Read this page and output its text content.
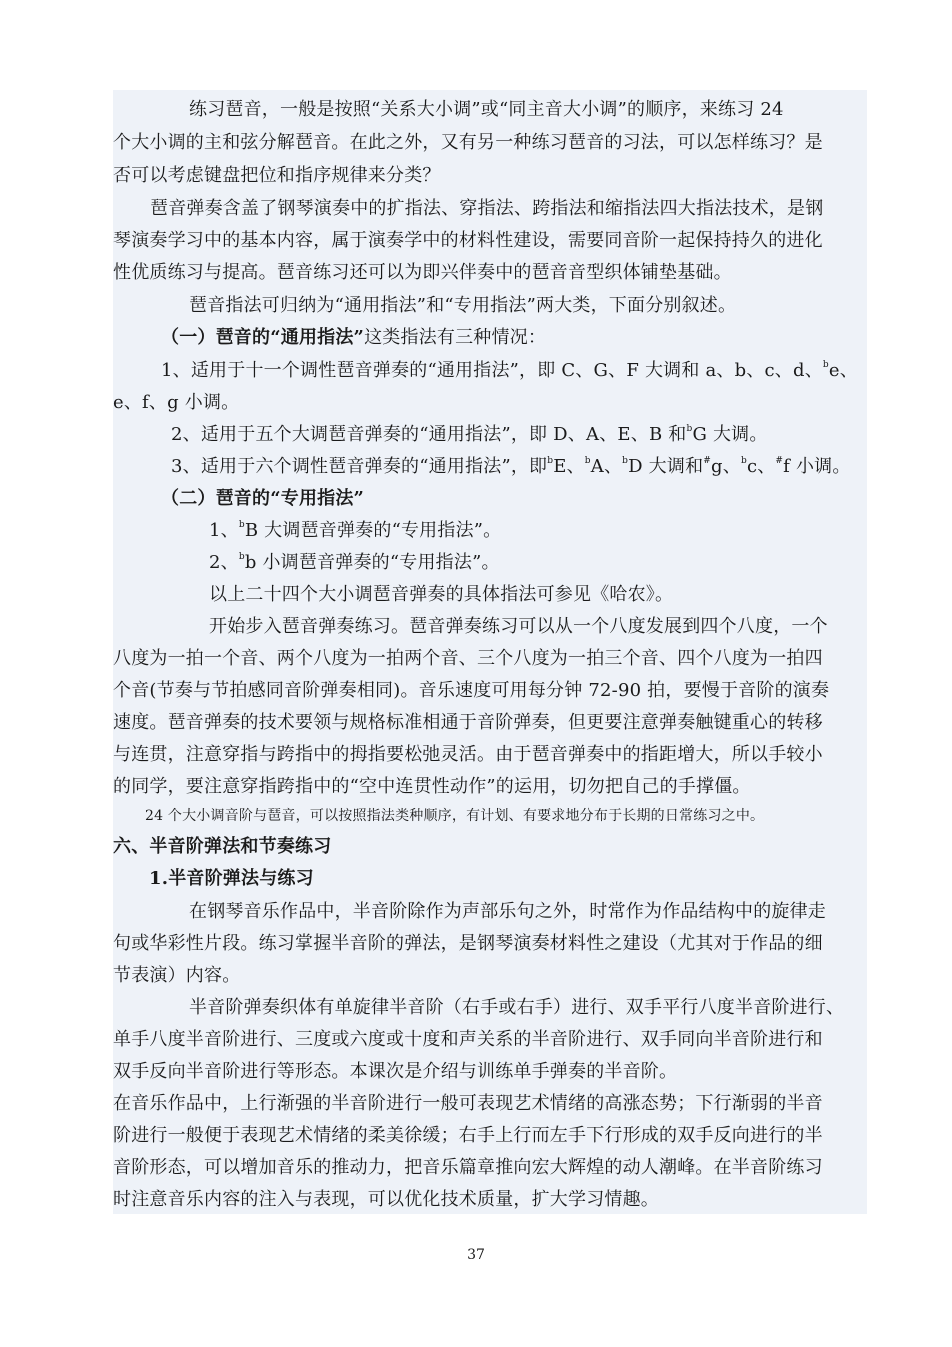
练习琶音，一般是按照“关系大小调”或“同主音大小调”的顺序，来练习 24
个大小调的主和弦分解琶音。在此之外，又有另一种练习琶音的习法，可以怎样练习？是
否可以考虑键盘把位和指序规律来分类？
琶音弹奏含盖了钢琴演奏中的扩指法、穿指法、跨指法和缩指法四大指法技术，是钢
琴演奏学习中的基本内容，属于演奏学中的材料性建设，需要同音阶一起保持持久的进化
性优质练习与提高。琶音练习还可以为即兴伴奏中的琶音音型织体铺垫基础。
琶音指法可归纳为“通用指法”和“专用指法”两大类，下面分别叙述。
（一）琶音的“通用指法”这类指法有三种情况：
1、适用于十一个调性琶音弹奏的“通用指法”，即 C、G、F 大调和 a、b、c、d、$^b$e、
e、f、g 小调。
2、适用于五个大调琶音弹奏的“通用指法”，即 D、A、E、B 和$^b$G 大调。
3、适用于六个调性琶音弹奏的“通用指法”，即$^b$E、$^b$A、$^b$D 大调和#g、$^b$c、#f 小调。
（二）琶音的“专用指法”
1、$^b$B 大调琶音弹奏的“专用指法”。
2、$^b$b 小调琶音弹奏的“专用指法”。
以上二十四个大小调琶音弹奏的具体指法可参见《哈农》。
开始步入琶音弹奏练习。琶音弹奏练习可以从一个八度发展到四个八度，一个
八度为一拍一个音、两个八度为一拍两个音、三个八度为一拍三个音、四个八度为一拍四
个音(节奏与节拍感同音阶弹奏相同)。音乐速度可用每分钟 72-90 拍，要慢于音阶的演奏
速度。琶音弹奏的技术要领与规格标准相通于音阶弹奏，但更要注意弹奏触键重心的转移
与连贯，注意穿指与跨指中的拇指要松弛灵活。由于琶音弹奏中的指距增大，所以手较小
的同学，要注意穿指跨指中的“空中连贯性动作”的运用，切勿把自己的手撑僵。
24 个大小调音阶与琶音，可以按照指法类种顺序，有计划、有要求地分布于长期的日常练习之中。
六、半音阶弹法和节奏练习
1.半音阶弹法与练习
在钢琴音乐作品中，半音阶除作为声部乐句之外，时常作为作品结构中的旋律走
句或华彩性片段。练习掌握半音阶的弹法，是钢琴演奏材料性之建设（尤其对于作品的细
节表演）内容。
半音阶弹奏织体有单旋律半音阶（右手或右手）进行、双手平行八度半音阶进行、
单手八度半音阶进行、三度或六度或十度和声关系的半音阶进行、双手同向半音阶进行和
双手反向半音阶进行等形态。本课次是介绍与训练单手弹奏的半音阶。
在音乐作品中，上行渐强的半音阶进行一般可表现艺术情绪的高涨态势；下行渐弱的半音
阶进行一般便于表现艺术情绪的柔美徐缓；右手上行而左手下行形成的双手反向进行的半
音阶形态，可以增加音乐的推动力，把音乐篇章推向宏大辉煌的动人潮峰。在半音阶练习
时注意音乐内容的注入与表现，可以优化技术质量，扩大学习情趣。
37
